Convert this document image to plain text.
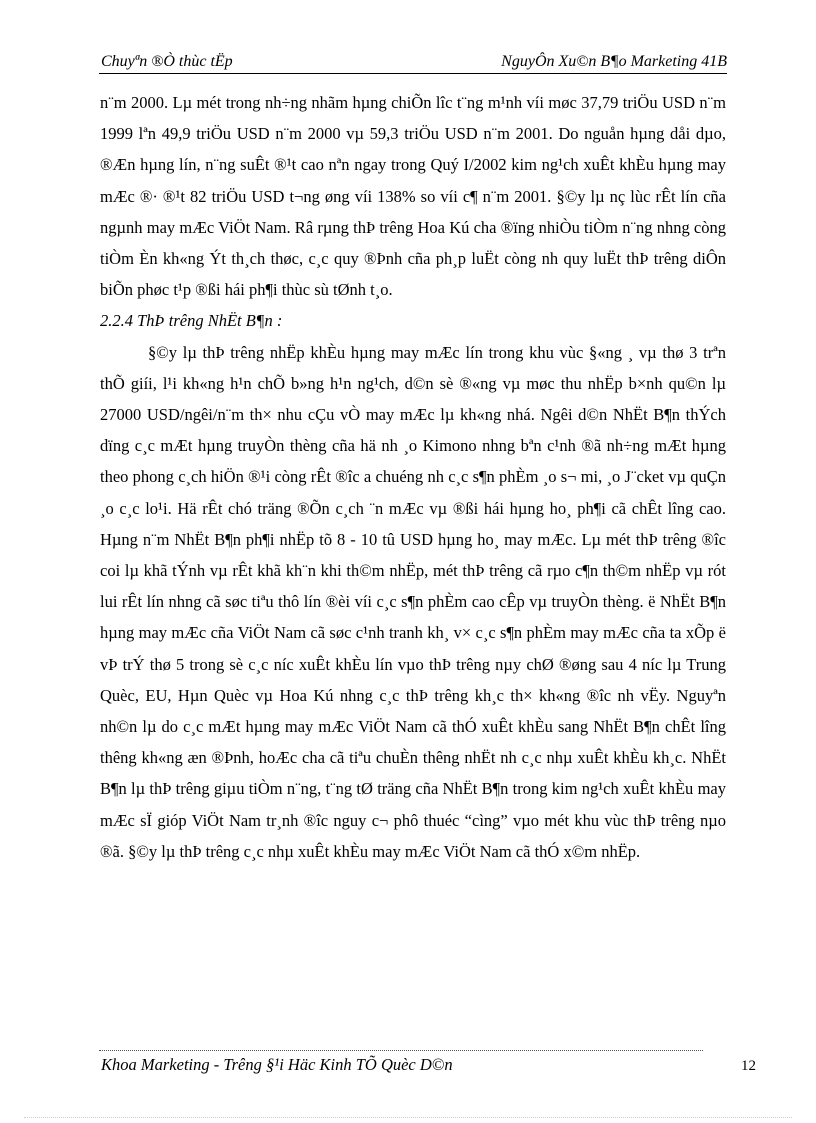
Chuyªn ®Ò thùc tËp	NguyÔn Xu©n B¶o Marketing 41B

n¨m 2000. Lµ mét trong nh÷ng nhãm hµng chiÕn lîc t¨ng m¹nh víi møc 37,79 triÖu USD n¨m 1999 lªn 49,9 triÖu USD n¨m 2000 vµ 59,3 triÖu USD n¨m 2001. Do nguån hµng dåi dµo, ®Æn hµng lín, n¨ng suÊt ®¹t cao nªn ngay trong Quý I/2002 kim ng¹ch xuÊt khÈu hµng may mÆc ®· ®¹t 82 triÖu USD t¬ng øng víi 138% so víi c¶ n¨m 2001. §©y lµ nç lùc rÊt lín cña ngµnh may mÆc ViÖt Nam. Râ rµng thÞ trêng Hoa Kú cha ®ïng nhiÒu tiÒm n¨ng nhng còng tiÒm Èn kh«ng Ýt th¸ch thøc, c¸c quy ®Þnh cña ph¸p luËt còng nh quy luËt thÞ trêng diÔn biÕn phøc t¹p ®ßi hái ph¶i thùc sù tØnh t¸o.

2.2.4 ThÞ trêng NhËt B¶n :

§©y lµ thÞ trêng nhËp khÈu hµng may mÆc lín trong khu vùc §«ng ¸ vµ thø 3 trªn thÕ giíi, l¹i kh«ng h¹n chÕ b»ng h¹n ng¹ch, d©n sè ®«ng vµ møc thu nhËp b×nh qu©n lµ 27000 USD/ngêi/n¨m th× nhu cÇu vÒ may mÆc lµ kh«ng nhá. Ngêi d©n NhËt B¶n thÝch dïng c¸c mÆt hµng truyÒn thèng cña hä nh ¸o Kimono nhng bªn c¹nh ®ã nh÷ng mÆt hµng theo phong c¸ch hiÖn ®¹i còng rÊt ®îc a chuéng nh c¸c s¶n phÈm ¸o s¬ mi, ¸o J¨cket vµ quÇn ¸o c¸c lo¹i. Hä rÊt chó träng ®Õn c¸ch ¨n mÆc vµ ®ßi hái hµng ho¸ ph¶i cã chÊt lîng cao. Hµng n¨m NhËt B¶n ph¶i nhËp tõ 8 - 10 tû USD hµng ho¸ may mÆc. Lµ mét thÞ trêng ®îc coi lµ khã tÝnh vµ rÊt khã kh¨n khi th©m nhËp, mét thÞ trêng cã rµo c¶n th©m nhËp vµ rót lui rÊt lín nhng cã søc tiªu thô lín ®èi víi c¸c s¶n phÈm cao cÊp vµ truyÒn thèng. ë NhËt B¶n hµng may mÆc cña ViÖt Nam cã søc c¹nh tranh kh¸ v× c¸c s¶n phÈm may mÆc cña ta xÕp ë vÞ trÝ thø 5 trong sè c¸c níc xuÊt khÈu lín vµo thÞ trêng nµy chØ ®øng sau 4 níc lµ Trung Quèc, EU, Hµn Quèc vµ Hoa Kú nhng c¸c thÞ trêng kh¸c th× kh«ng ®îc nh vËy. Nguyªn nh©n lµ do c¸c mÆt hµng may mÆc ViÖt Nam cã thÓ xuÊt khÈu sang NhËt B¶n chÊt lîng thêng kh«ng æn ®Þnh, hoÆc cha cã tiªu chuÈn thêng nhËt nh c¸c nhµ xuÊt khÈu kh¸c. NhËt B¶n lµ thÞ trêng giµu tiÒm n¨ng, t¨ng tØ träng cña NhËt B¶n trong kim ng¹ch xuÊt khÈu may mÆc sÏ gióp ViÖt Nam tr¸nh ®îc nguy c¬ phô thuéc “cìng” vµo mét khu vùc thÞ trêng nµo ®ã. §©y lµ thÞ trêng c¸c nhµ xuÊt khÈu may mÆc ViÖt Nam cã thÓ x©m nhËp.

Khoa Marketing - Trêng §¹i Häc Kinh TÕ Quèc D©n	12
